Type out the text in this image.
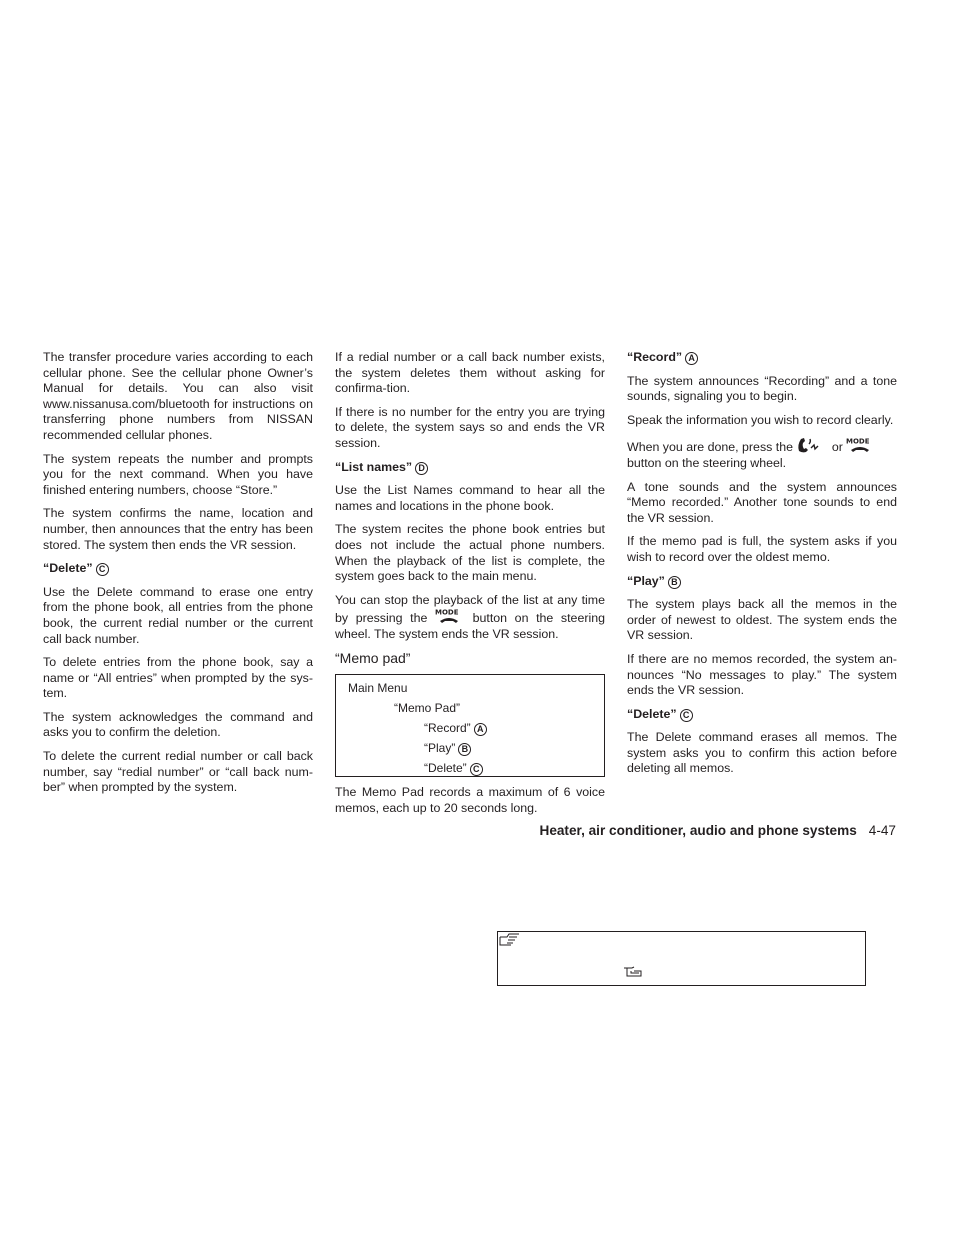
The transfer procedure varies according to each cellular phone. See the cellular phone Owner’s Manual for details. You can also visit www.nissanusa.com/bluetooth for instructions on transferring phone numbers from NISSAN recommended cellular phones.

The system repeats the number and prompts you for the next command. When you have finished entering numbers, choose “Store.”

The system confirms the name, location and number, then announces that the entry has been stored. The system then ends the VR session.

“Delete” C

Use the Delete command to erase one entry from the phone book, all entries from the phone book, the current redial number or the current call back number.

To delete entries from the phone book, say a name or “All entries” when prompted by the sys-tem.

The system acknowledges the command and asks you to confirm the deletion.

To delete the current redial number or call back number, say “redial number” or “call back num-ber” when prompted by the system.

If a redial number or a call back number exists, the system deletes them without asking for confirma-tion.

If there is no number for the entry you are trying to delete, the system says so and ends the VR session.

“List names” D

Use the List Names command to hear all the names and locations in the phone book.

The system recites the phone book entries but does not include the actual phone numbers. When the playback of the list is complete, the system goes back to the main menu.

You can stop the playback of the list at any time by pressing the MODE button on the steering wheel. The system ends the VR session.

“Memo pad”
Main Menu
“Memo Pad”
“Record” A
“Play” B
“Delete” C

The Memo Pad records a maximum of 6 voice memos, each up to 20 seconds long.

“Record” A

The system announces “Recording” and a tone sounds, signaling you to begin.

Speak the information you wish to record clearly.

When you are done, press the	or MODE
button on the steering wheel.

A tone sounds and the system announces “Memo recorded.” Another tone sounds to end the VR session.

If the memo pad is full, the system asks if you wish to record over the oldest memo.

“Play” B

The system plays back all the memos in the order of newest to oldest. The system ends the VR session.

If there are no memos recorded, the system an-nounces “No messages to play.” The system ends the VR session.

“Delete” C

The Delete command erases all memos. The system asks you to confirm this action before deleting all memos.

Heater, air conditioner, audio and phone systems 4-47
